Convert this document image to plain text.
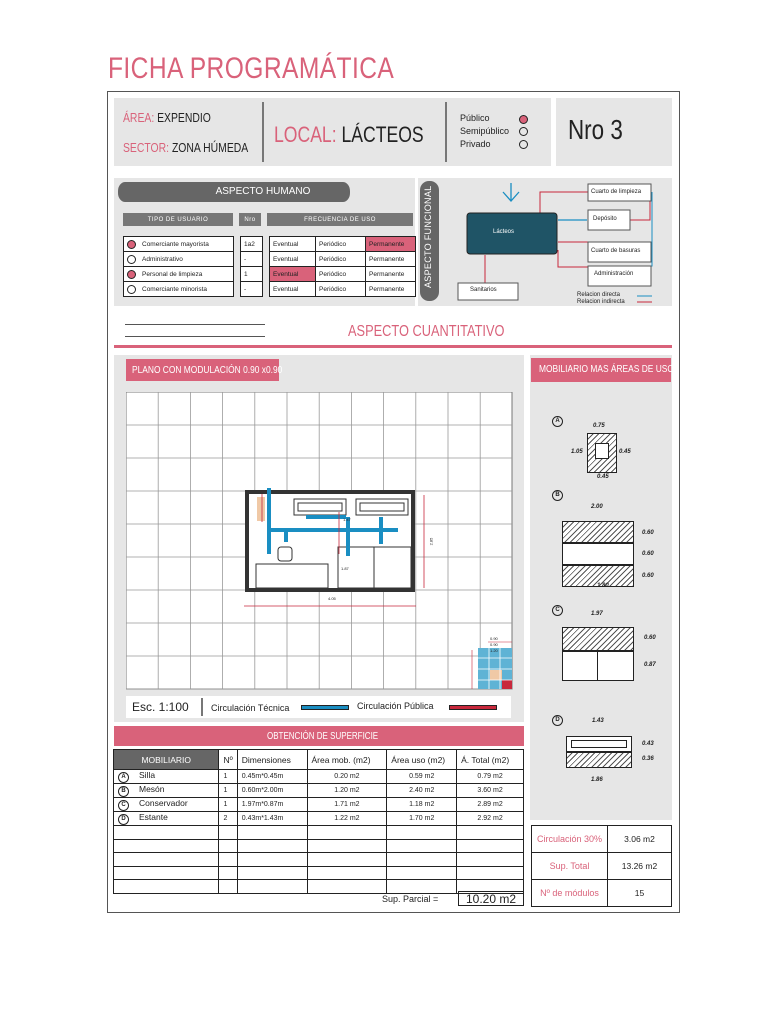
FICHA PROGRAMÁTICA
ÁREA: EXPENDIO
SECTOR: ZONA HÚMEDA
LOCAL: LÁCTEOS
Público
Semipúblico
Privado	Nro 3
ASPECTO HUMANO
TIPO DE USUARIO		Nro		FRECUENCIA DE USO
Comerciante mayorista		1a2		Eventual	Periódico	Permanente
Administrativo		-		Eventual	Periódico	Permanente
Personal de limpieza		1		Eventual	Periódico	Permanente
Comerciante minorista		-		Eventual	Periódico	Permanente
ASPECTO FUNCIONAL	Lácteos
Cuarto de limpieza
Depósito
Cuarto de basuras
Administración
Sanitarios
Relacion directa
Relacion indirecta
ASPECTO CUANTITATIVO
PLANO CON MODULACIÓN 0.90 x0.90
4.05
2.85
1.47
1.87
0.90
0.90
1.20
Esc. 1:100 Circulación Técnica	Circulación Pública
MOBILIARIO MAS ÁREAS DE USO
A
0.75
1.05	0.45
0.45
B
2.00
0.60
0.60
0.60
1.80
C
1.97
0.60
0.87
D	1.43
0.43
0.36
1.86
OBTENCIÓN DE SUPERFICIE
MOBILIARIO	Nº	Dimensiones	Área mob. (m2)	Área uso (m2)	Á. Total (m2)
A Silla	1	0.45m*0.45m	0.20 m2	0.59 m2	0.79 m2
B Mesón	1	0.60m*2.00m	1.20 m2	2.40 m2	3.60 m2
C Conservador	1	1.97m*0.87m	1.71 m2	1.18 m2	2.89 m2
D Estante	2	0.43m*1.43m	1.22 m2	1.70 m2	2.92 m2

Sup. Parcial = 10.20 m2
Circulación 30%	3.06 m2
Sup. Total	13.26 m2
Nº de módulos	15
